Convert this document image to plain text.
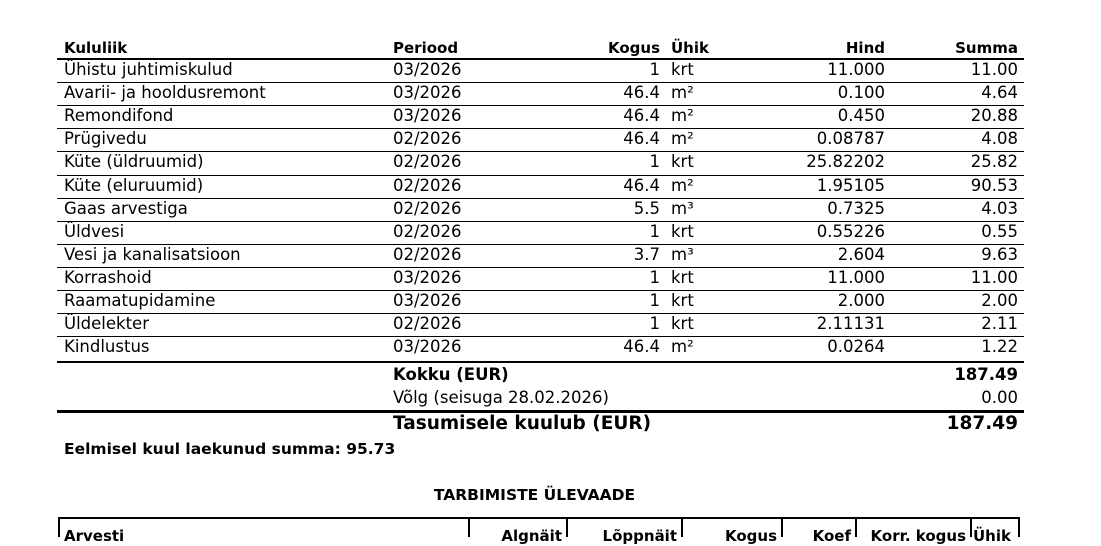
Kululiik	Periood	Kogus Ühik	Hind	Summa
Ühistu juhtimiskulud	03/2026	1 krt	11.000	11.00
Avarii- ja hooldusremont	03/2026	46.4 m²	0.100	4.64
Remondifond	03/2026	46.4 m²	0.450	20.88
Prügivedu	02/2026	46.4 m²	0.08787	4.08
Küte (üldruumid)	02/2026	1 krt	25.82202	25.82
Küte (eluruumid)	02/2026	46.4 m²	1.95105	90.53
Gaas arvestiga	02/2026	5.5 m³	0.7325	4.03
Üldvesi	02/2026	1 krt	0.55226	0.55
Vesi ja kanalisatsioon	02/2026	3.7 m³	2.604	9.63
Korrashoid	03/2026	1 krt	11.000	11.00
Raamatupidamine	03/2026	1 krt	2.000	2.00
Üldelekter	02/2026	1 krt	2.11131	2.11
Kindlustus	03/2026	46.4 m²	0.0264	1.22
Kokku (EUR)	187.49
Võlg (seisuga 28.02.2026)	0.00
Tasumisele kuulub (EUR)	187.49
Eelmisel kuul laekunud summa: 95.73
TARBIMISTE ÜLEVAADE
Arvesti	Algnäit	Lõppnäit	Kogus	Koef	Korr. kogus Ühik
